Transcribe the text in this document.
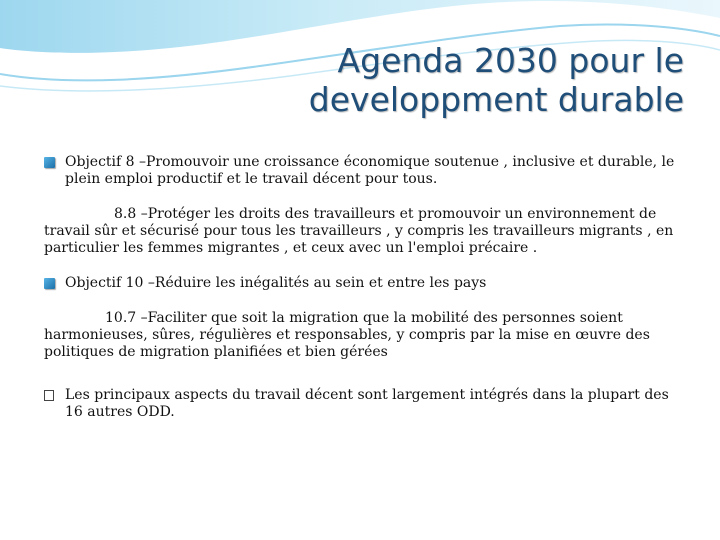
Agenda 2030 pour le
developpment durable
Objectif 8 –Promouvoir une croissance économique soutenue , inclusive et durable, le plein emploi productif et le travail décent pour tous.
8.8 –Protéger les droits des travailleurs et promouvoir un environnement de travail sûr et sécurisé pour tous les travailleurs , y compris les travailleurs migrants , en particulier les femmes migrantes , et ceux avec un l'emploi précaire .
Objectif 10 –Réduire les inégalités au sein et entre les pays
10.7 –Faciliter que soit la migration que la mobilité des personnes soient harmonieuses, sûres, régulières et responsables, y compris par la mise en œuvre des politiques de migration planifiées et bien gérées
Les principaux aspects du travail décent sont largement intégrés dans la plupart des 16 autres ODD.
